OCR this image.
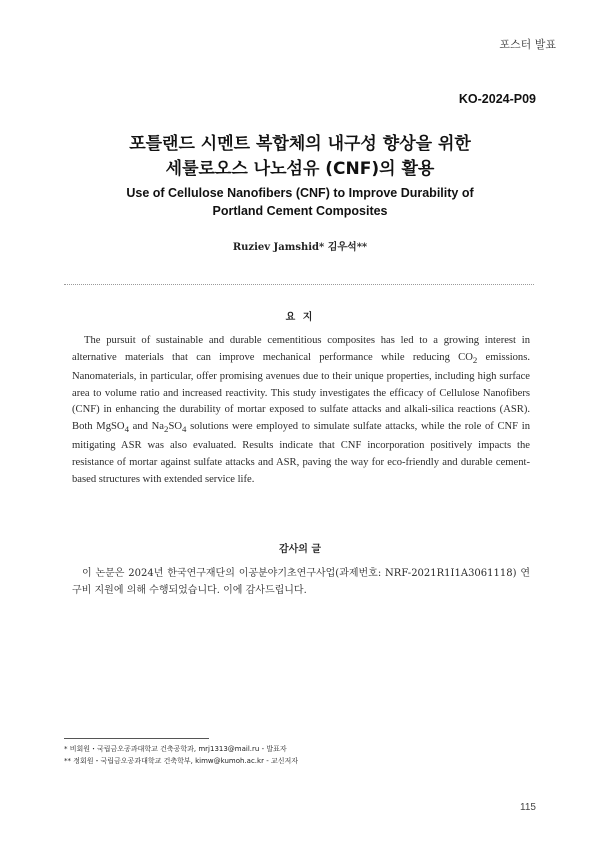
포스터 발표
KO-2024-P09
포틀랜드 시멘트 복합체의 내구성 향상을 위한
세룰로오스 나노섬유 (CNF)의 활용
Use of Cellulose Nanofibers (CNF) to Improve Durability of
Portland Cement Composites
Ruziev Jamshid* 김우석**
요 지
The pursuit of sustainable and durable cementitious composites has led to a growing interest in alternative materials that can improve mechanical performance while reducing $CO_2$ emissions. Nanomaterials, in particular, offer promising avenues due to their unique properties, including high surface area to volume ratio and increased reactivity. This study investigates the efficacy of Cellulose Nanofibers (CNF) in enhancing the durability of mortar exposed to sulfate attacks and alkali-silica reactions (ASR). Both MgSO$_4$ and $Na_2SO_4$ solutions were employed to simulate sulfate attacks, while the role of CNF in mitigating ASR was also evaluated. Results indicate that CNF incorporation positively impacts the resistance of mortar against sulfate attacks and ASR, paving the way for eco-friendly and durable cement-based structures with extended service life.
감사의 글
이 논문은 2024년 한국연구재단의 이공분야기초연구사업(과제번호: NRF-2021R1I1A3061118) 연구비 지원에 의해 수행되었습니다. 이에 감사드립니다.
* 비회원・국립금오공과대학교 건축공학과, mrj1313@mail.ru - 발표자
** 정회원・국립금오공과대학교 건축학부, kimw@kumoh.ac.kr - 교신저자
115
